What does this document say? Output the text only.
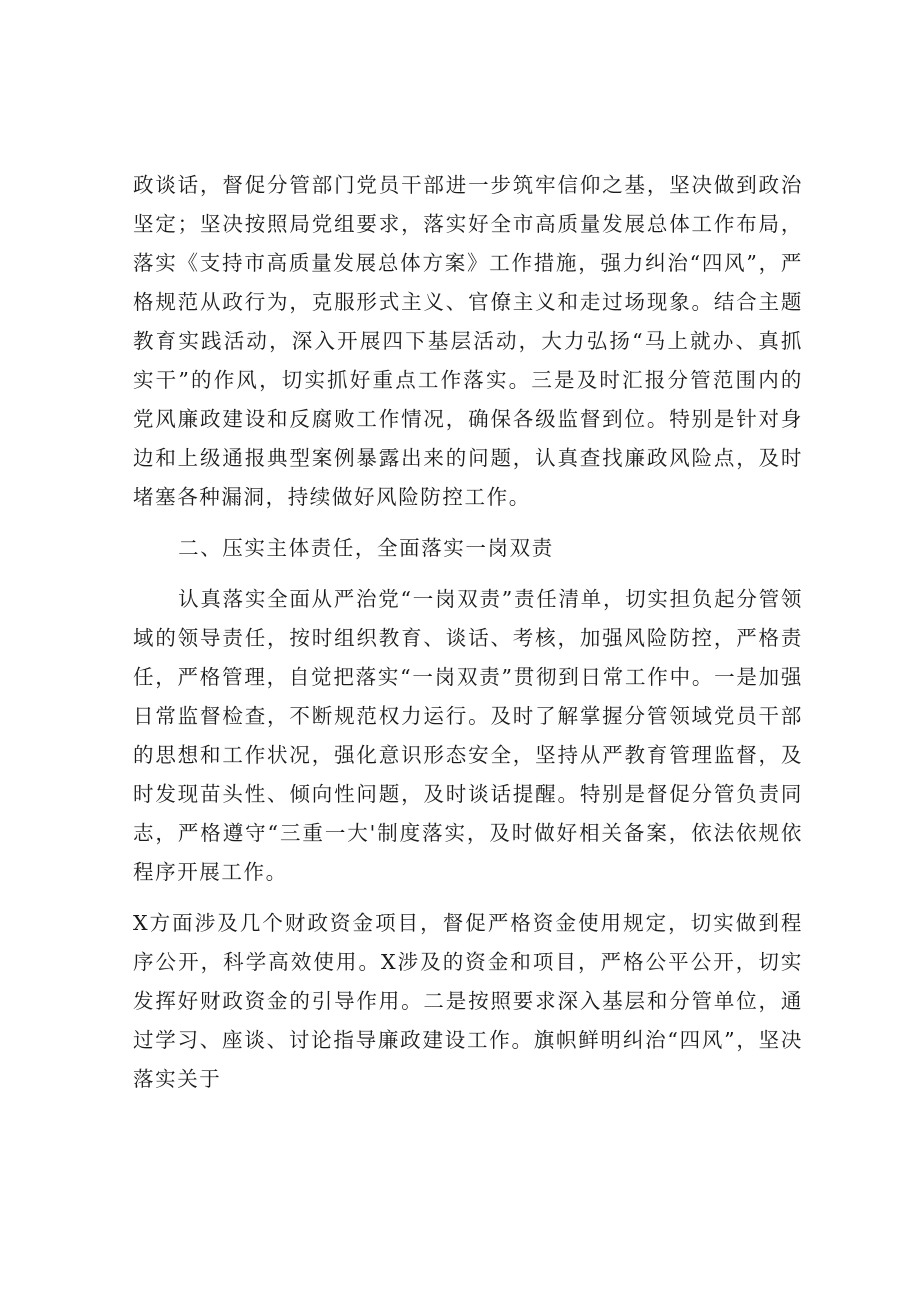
政谈话，督促分管部门党员干部进一步筑牢信仰之基，坚决做到政治坚定；坚决按照局党组要求，落实好全市高质量发展总体工作布局，落实《支持市高质量发展总体方案》工作措施，强力纠治“四风”，严格规范从政行为，克服形式主义、官僚主义和走过场现象。结合主题教育实践活动，深入开展四下基层活动，大力弘扬“马上就办、真抓实干”的作风，切实抓好重点工作落实。三是及时汇报分管范围内的党风廉政建设和反腐败工作情况，确保各级监督到位。特别是针对身边和上级通报典型案例暴露出来的问题，认真查找廉政风险点，及时堵塞各种漏洞，持续做好风险防控工作。

二、压实主体责任，全面落实一岗双责

认真落实全面从严治党“一岗双责”责任清单，切实担负起分管领域的领导责任，按时组织教育、谈话、考核，加强风险防控，严格责任，严格管理，自觉把落实“一岗双责”贯彻到日常工作中。一是加强日常监督检查，不断规范权力运行。及时了解掌握分管领域党员干部的思想和工作状况，强化意识形态安全，坚持从严教育管理监督，及时发现苗头性、倾向性问题，及时谈话提醒。特别是督促分管负责同志，严格遵守“三重一大'制度落实，及时做好相关备案，依法依规依程序开展工作。

X方面涉及几个财政资金项目，督促严格资金使用规定，切实做到程序公开，科学高效使用。X涉及的资金和项目，严格公平公开，切实发挥好财政资金的引导作用。二是按照要求深入基层和分管单位，通过学习、座谈、讨论指导廉政建设工作。旗帜鲜明纠治“四风”，坚决落实关于
